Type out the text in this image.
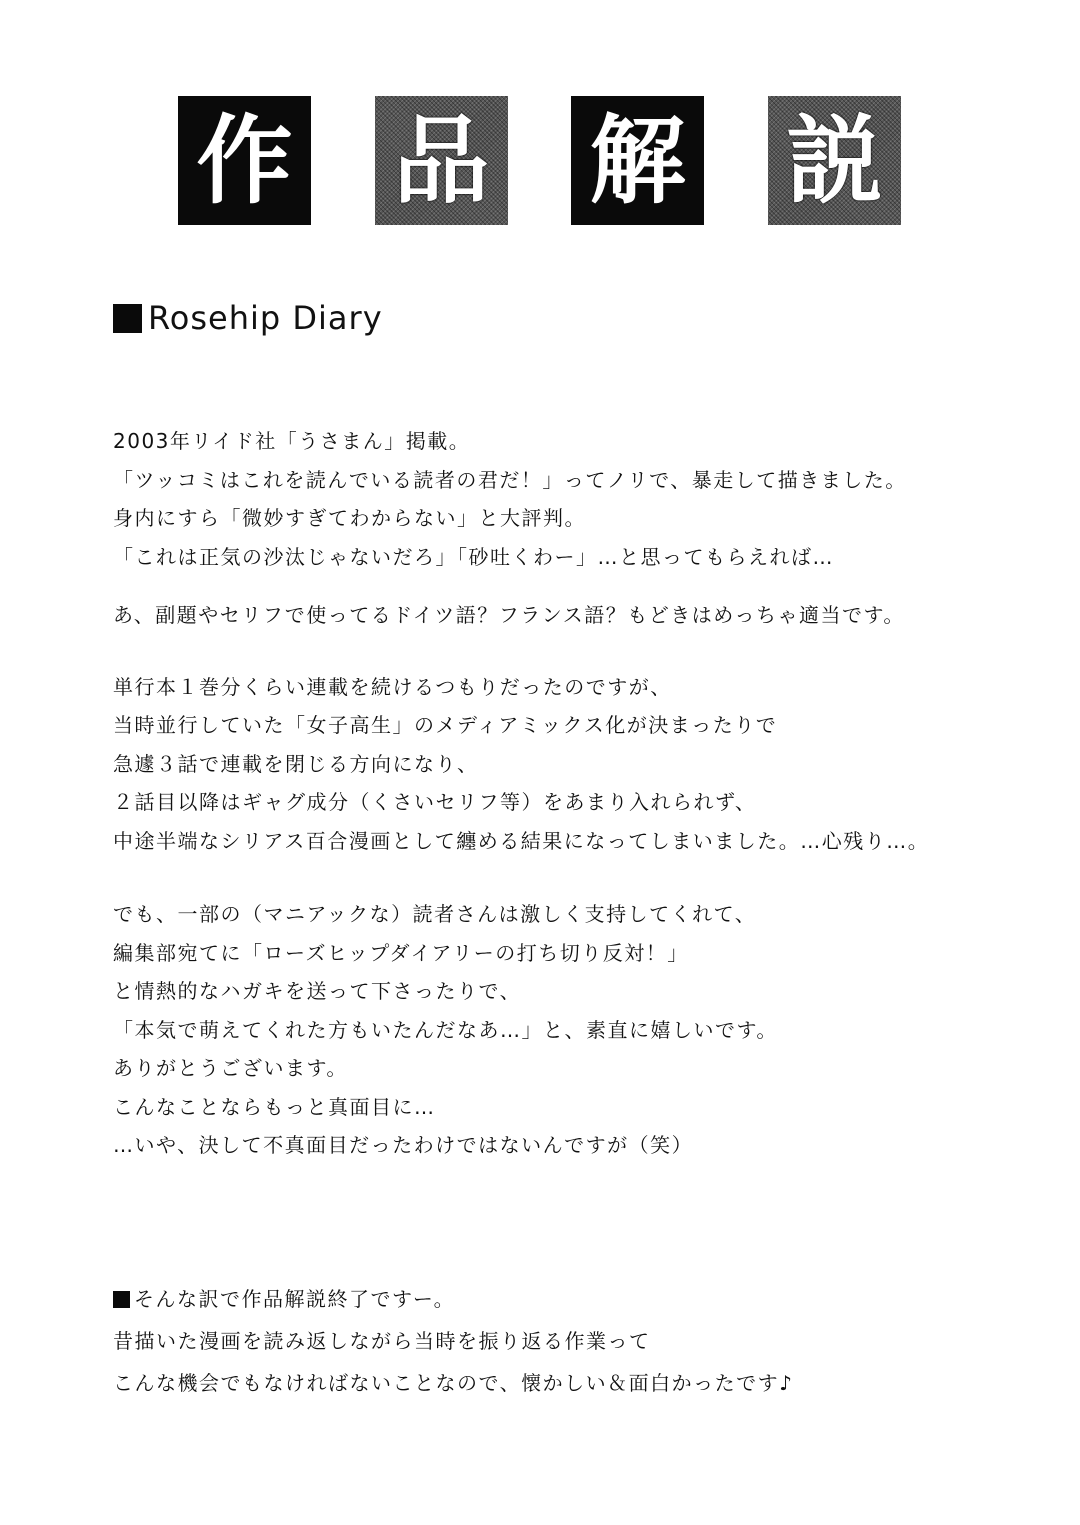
作 品 解 説
Rosehip Diary
2003年リイド社「うさまん」掲載。
「ツッコミはこれを読んでいる読者の君だ！」ってノリで、暴走して描きました。
身内にすら「微妙すぎてわからない」と大評判。
「これは正気の沙汰じゃないだろ」「砂吐くわー」…と思ってもらえれば…
あ、副題やセリフで使ってるドイツ語？フランス語？もどきはめっちゃ適当です。
単行本１巻分くらい連載を続けるつもりだったのですが、
当時並行していた「女子高生」のメディアミックス化が決まったりで
急遽３話で連載を閉じる方向になり、
２話目以降はギャグ成分（くさいセリフ等）をあまり入れられず、
中途半端なシリアス百合漫画として纏める結果になってしまいました。…心残り…。
でも、一部の（マニアックな）読者さんは激しく支持してくれて、
編集部宛てに「ローズヒップダイアリーの打ち切り反対！」
と情熱的なハガキを送って下さったりで、
「本気で萌えてくれた方もいたんだなあ…」と、素直に嬉しいです。
ありがとうございます。
こんなことならもっと真面目に…
…いや、決して不真面目だったわけではないんですが（笑）
そんな訳で作品解説終了ですー。
昔描いた漫画を読み返しながら当時を振り返る作業って
こんな機会でもなければないことなので、懐かしい＆面白かったです♪
